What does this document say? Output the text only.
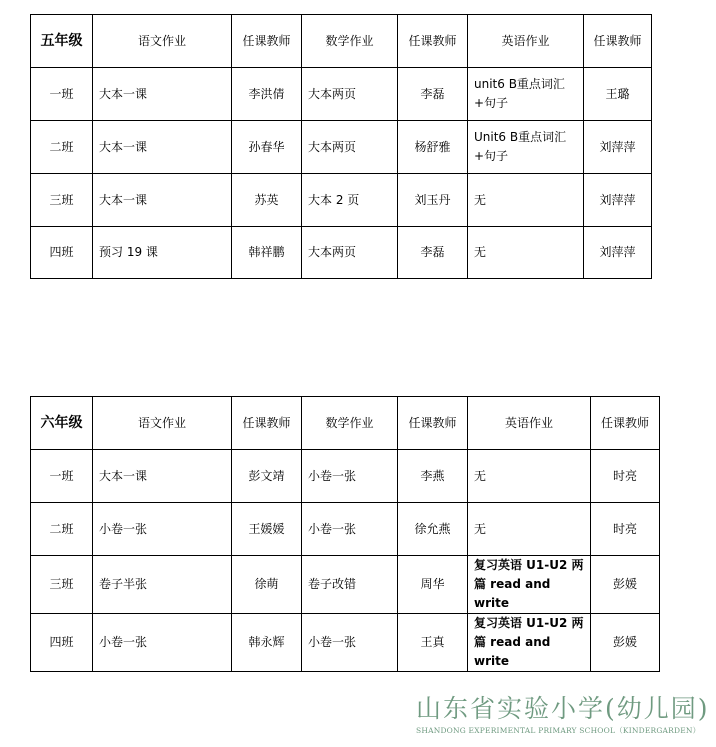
五年级	语文作业	任课教师	数学作业	任课教师	英语作业	任课教师
一班	大本一课	李洪倩	大本两页	李磊	unit6 B重点词汇+句子	王璐
二班	大本一课	孙春华	大本两页	杨舒雅	Unit6 B重点词汇+句子	刘萍萍
三班	大本一课	苏英	大本 2 页	刘玉丹	无	刘萍萍
四班	预习 19 课	韩祥鹏	大本两页	李磊	无	刘萍萍
六年级	语文作业	任课教师	数学作业	任课教师	英语作业	任课教师
一班	大本一课	彭文靖	小卷一张	李燕	无	时亮
二班	小卷一张	王媛媛	小卷一张	徐允燕	无	时亮
三班	卷子半张	徐萌	卷子改错	周华	复习英语 U1-U2 两篇 read and write	彭媛
四班	小卷一张	韩永辉	小卷一张	王真	复习英语 U1-U2 两篇 read and write	彭媛
山东省实验小学(幼儿园)
SHANDONG EXPERIMENTAL PRIMARY SCHOOL（KINDERGARDEN）
